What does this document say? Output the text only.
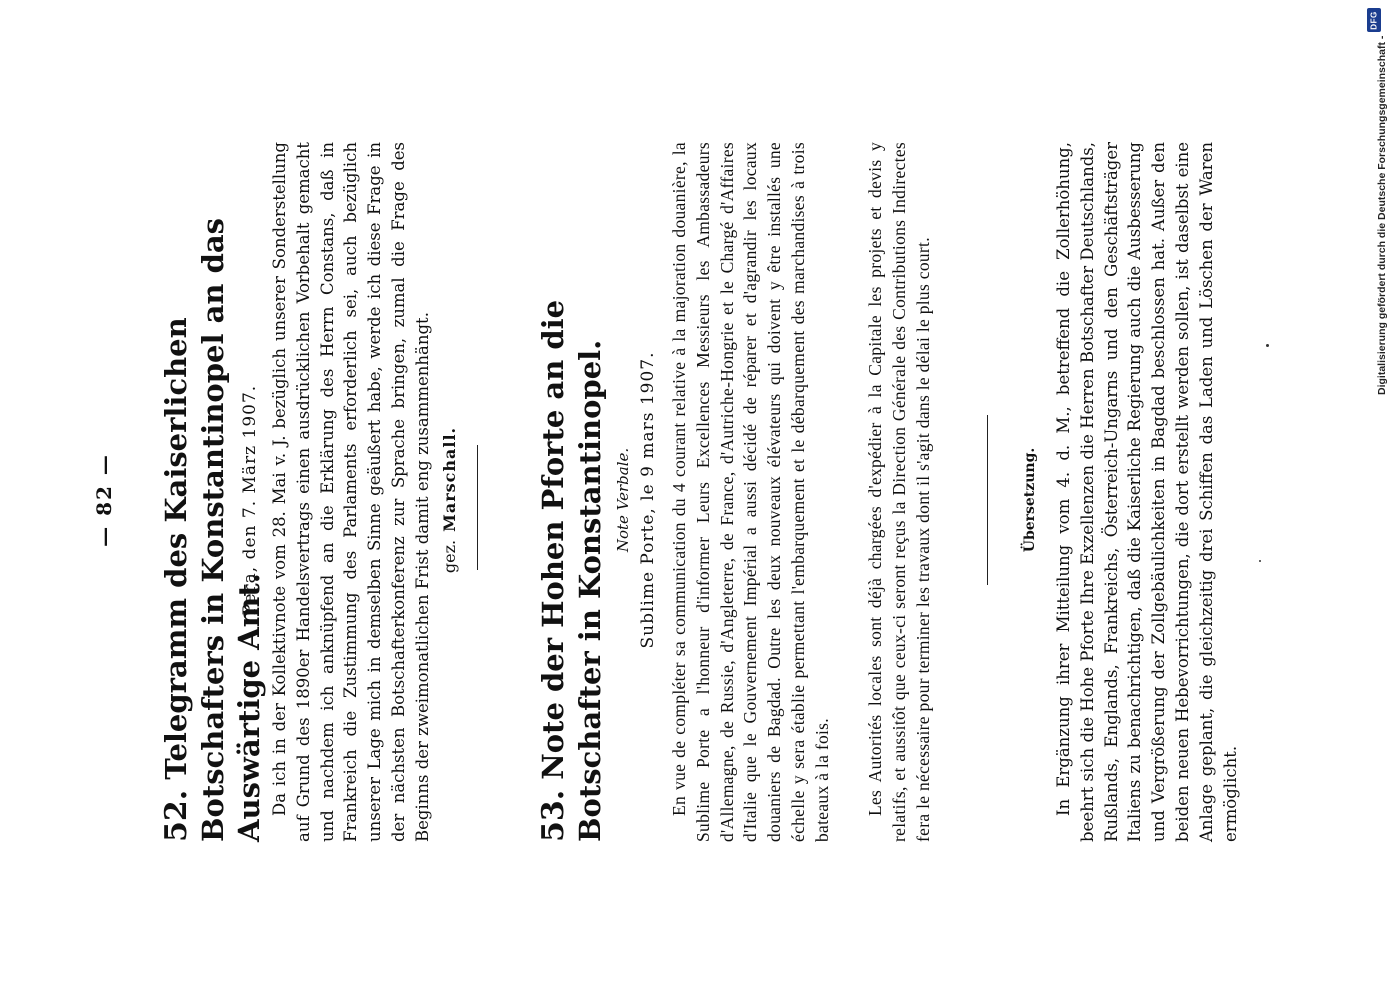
— 82 —
52.Telegramm des Kaiserlichen Botschafters in Konstantinopel an das Auswärtige Amt.
Pera, den 7. März 1907. Da ich in der Kollektivnote vom 28. Mai v. J. bezüglich unserer Sonderstellung auf Grund des 1890er Handelsvertrags einen ausdrücklichen Vorbehalt gemacht und nachdem ich anknüpfend an die Erklärung des Herrn Constans, daß in Frankreich die Zustimmung des Parlaments erforderlich sei, auch bezüglich unserer Lage mich in demselben Sinne geäußert habe, werde ich diese Frage in der nächsten Botschafterkonferenz zur Sprache bringen, zumal die Frage des Beginns der zweimonatlichen Frist damit eng zusammenhängt. gez.Marschall.
53.Note der Hohen Pforte an die Botschafter in Konstantinopel. Note Verbale. Sublime Porte, le 9 mars 1907. En vue de compléter sa communication du 4 courant relative à la majoration douanière, la Sublime Porte a l'honneur d'informer Leurs Excellences Messieurs les Ambassadeurs d'Allemagne, de Russie, d'Angleterre, de France, d'Autriche-Hongrie et le Chargé d'Affaires d'Italie que le Gouvernement Impérial a aussi décidé de réparer et d'agrandir les locaux douaniers de Bagdad. Outre les deux nouveaux élévateurs qui doivent y être installés une échelle y sera établie permettant l'embarquement et le débarquement des marchandises à trois bateaux à la fois. Les Autorités locales sont déjà chargées d'expédier à la Capitale les projets et devis y relatifs, et aussitôt que ceux-ci seront reçus la Direction Générale des Contributions Indirectes fera le nécessaire pour terminer les travaux dont il s'agit dans le délai le plus court.	Übersetzung. In Ergänzung ihrer Mitteilung vom 4. d. M., betreffend die Zollerhöhung, beehrt sich die Hohe Pforte Ihre Exzellenzen die Herren Botschafter Deutschlands, Rußlands, Englands, Frankreichs, Österreich-Ungarns und den Geschäftsträger Italiens zu benachrichtigen, daß die Kaiserliche Regierung auch die Ausbesserung und Vergrößerung der Zollgebäulichkeiten in Bagdad beschlossen hat. Außer den beiden neuen Hebevorrichtungen, die dort erstellt werden sollen, ist daselbst eine Anlage geplant, die gleichzeitig drei Schiffen das Laden und Löschen der Waren ermöglicht.

DFG
Digitalisierung gefördert durch die Deutsche Forschungsgemeinschaft -
